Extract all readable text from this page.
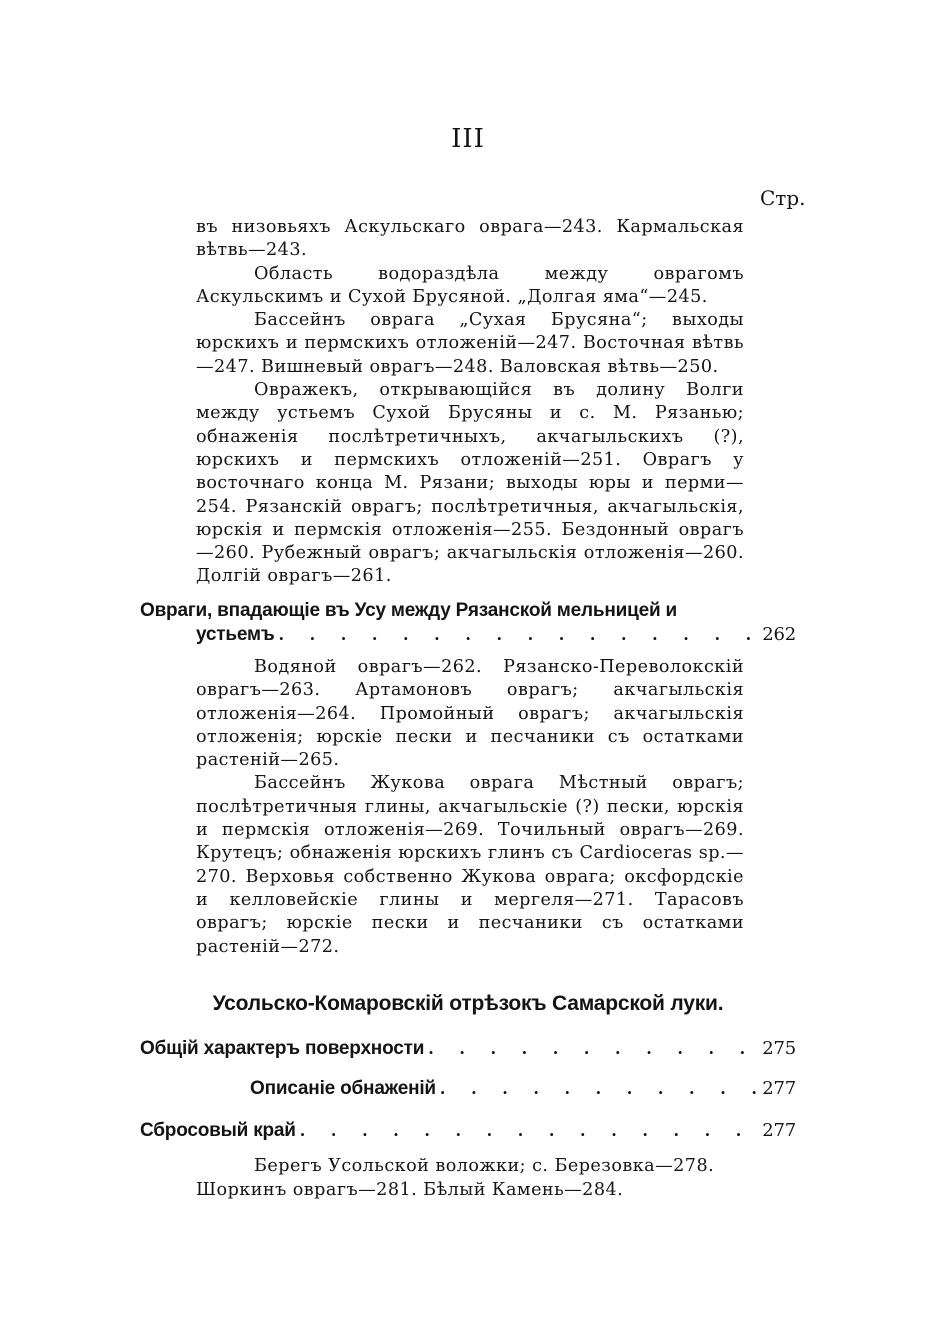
III
Стр.

въ низовьяхъ Аскульскаго оврага—243. Кармальская вѣтвь—243.

Область водораздѣла между оврагомъ Аскульскимъ и Сухой Брусяной. „Долгая яма“—245.

Бассейнъ оврага „Сухая Брусяна“; выходы юрскихъ и пермскихъ отложеній—247. Восточная вѣтвь—247. Вишневый оврагъ—248. Валовская вѣтвь—250.

Овражекъ, открывающійся въ долину Волги между устьемъ Сухой Брусяны и с. М. Рязанью; обнаженія послѣтретичныхъ, акчагыльскихъ (?), юрскихъ и пермскихъ отложеній—251. Оврагъ у восточнаго конца М. Рязани; выходы юры и перми—254. Рязанскій оврагъ; послѣтретичныя, акчагыльскія, юрскія и пермскія отложенія—255. Бездонный оврагъ—260. Рубежный оврагъ; акчагыльскія отложенія—260. Долгій оврагъ—261.

Овраги, впадающіе въ Усу между Рязанской мельницей и
устьемъ . . .	262

Водяной оврагъ—262. Рязанско-Переволокскій оврагъ—263. Артамоновъ оврагъ; акчагыльскія отложенія—264. Промойный оврагъ; акчагыльскія отложенія; юрскіе пески и песчаники съ остатками растеній—265.

Бассейнъ Жукова оврага Мѣстный оврагъ; послѣтретичныя глины, акчагыльскіе (?) пески, юрскія и пермскія отложенія—269. Точильный оврагъ—269. Крутецъ; обнаженія юрскихъ глинъ съ Cardioceras sp.—270. Верховья собственно Жукова оврага; оксфордскіе и келловейскіе глины и мергеля—271. Тарасовъ оврагъ; юрскіе пески и песчаники съ остатками растеній—272.

Усольско-Комаровскій отрѣзокъ Самарской луки.
Общій характеръ поверхности . . .	275
Описаніе обнаженій . . .	277
Сбросовый край . . .	277
Берегъ Усольской воложки; с. Березовка—278.
Шоркинъ оврагъ—281. Бѣлый Камень—284.
